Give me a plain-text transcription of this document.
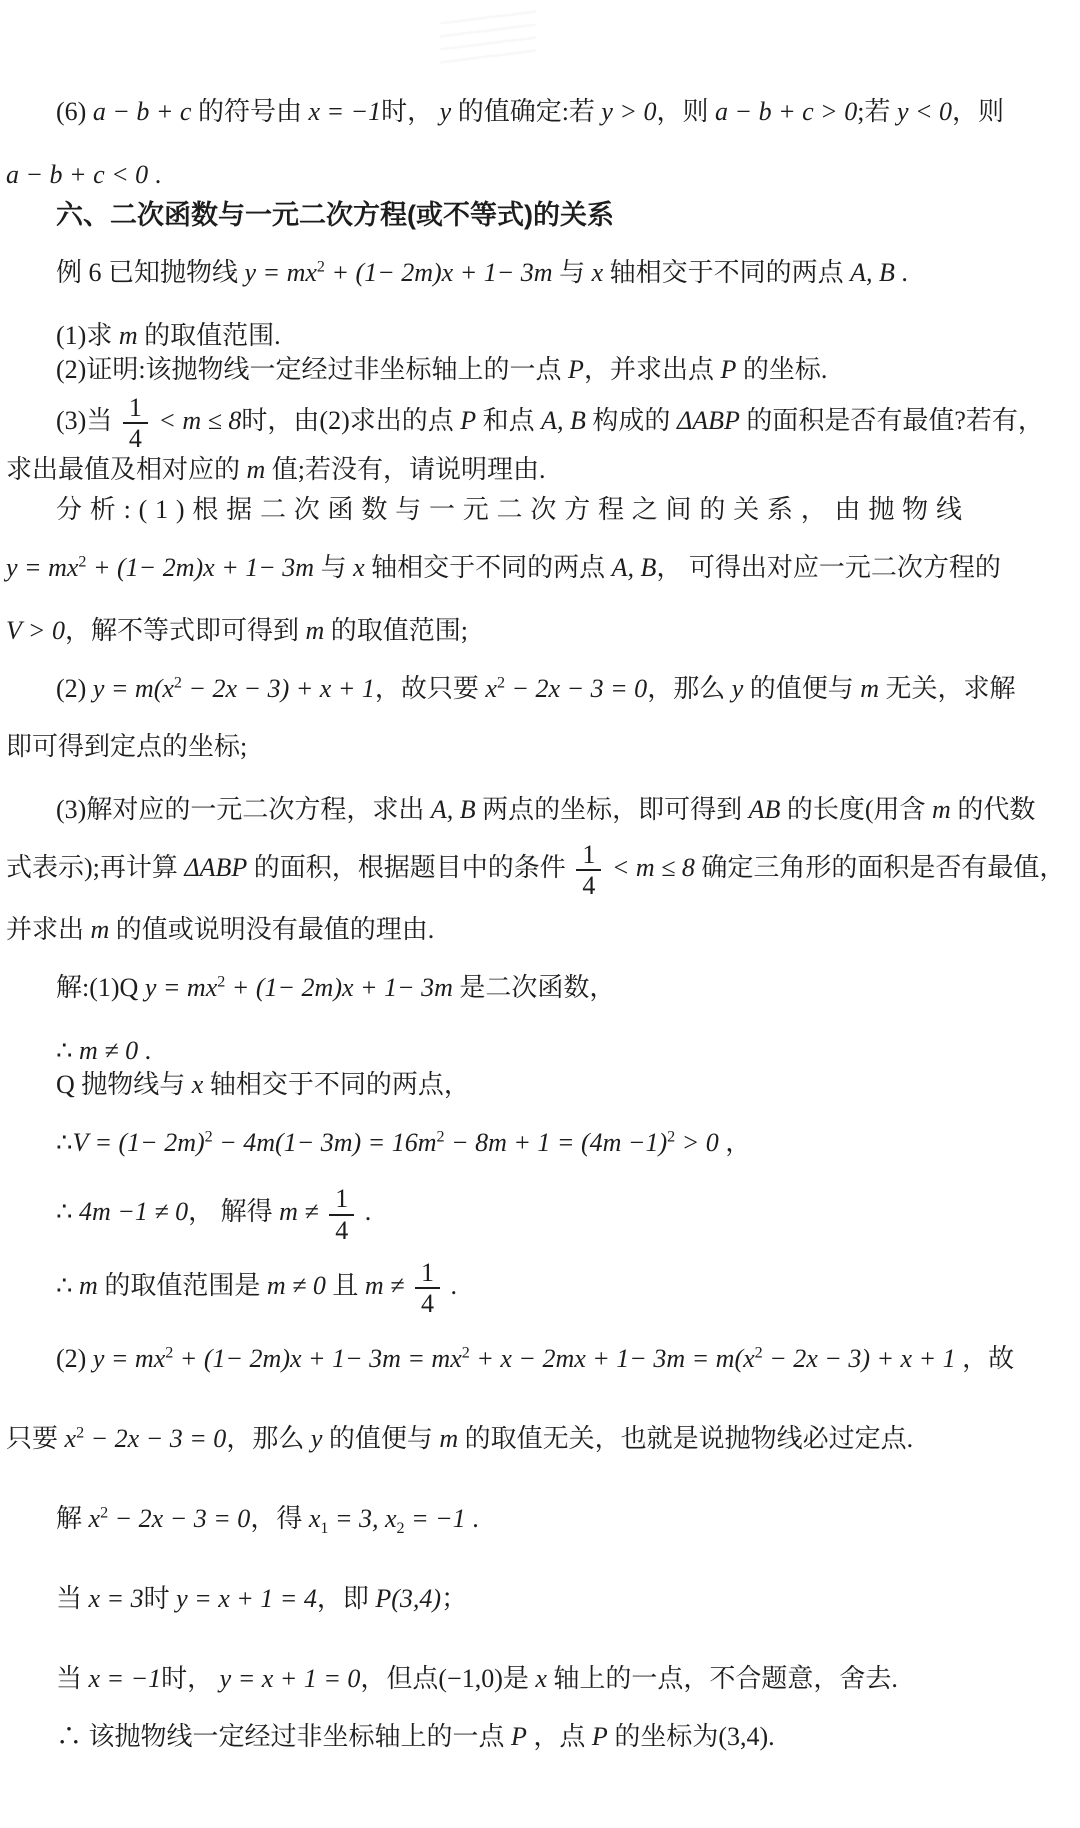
(6) a − b + c 的符号由 x = −1时， y 的值确定:若 y > 0，则 a − b + c > 0;若 y < 0，则
a − b + c < 0 .
六、二次函数与一元二次方程(或不等式)的关系
例 6 已知抛物线 $y = mx^2 + (1- 2m)x + 1- 3m$ 与 x 轴相交于不同的两点 A, B .
(1)求 m 的取值范围.
(2)证明:该抛物线一定经过非坐标轴上的一点 P，并求出点 P 的坐标.
(3)当 $\frac{1}{4} < m \le 8$时，由(2)求出的点 P 和点 A, B 构成的 ΔABP 的面积是否有最值?若有，
求出最值及相对应的 m 值;若没有，请说明理由.
分析:(1)根据二次函数与一元二次方程之间的关系，由抛物线
$y = mx^2 + (1- 2m)x + 1- 3m$ 与 x 轴相交于不同的两点 A, B， 可得出对应一元二次方程的
V > 0，解不等式即可得到 m 的取值范围;
(2) $y = m(x^2 - 2x - 3) + x + 1$，故只要 $x^2 - 2x - 3 = 0$，那么 y 的值便与 m 无关，求解
即可得到定点的坐标;
(3)解对应的一元二次方程，求出 A, B 两点的坐标，即可得到 AB 的长度(用含 m 的代数
式表示);再计算 ΔABP 的面积，根据题目中的条件 $\frac{1}{4} < m \le 8$ 确定三角形的面积是否有最值，
并求出 m 的值或说明没有最值的理由.
解:(1)Q $y = mx^2 + (1- 2m)x + 1- 3m$ 是二次函数，
∴ m ≠ 0 .
Q 抛物线与 x 轴相交于不同的两点，
∴V = $(1- 2m)^2 - 4m(1- 3m) = 16m^2 - 8m + 1 = (4m -1)^2 > 0$ ，
∴ 4m −1 ≠ 0， 解得 $m \ne \frac{1}{4}$ .
∴ m 的取值范围是 m ≠ 0 且 $m \ne \frac{1}{4}$ .
(2) $y = mx^2 + (1- 2m)x + 1- 3m = mx^2 + x - 2mx + 1- 3m = m(x^2 - 2x - 3) + x + 1$ ，故
只要 $x^2 - 2x - 3 = 0$，那么 y 的值便与 m 的取值无关，也就是说抛物线必过定点.
解 $x^2 - 2x - 3 = 0$，得 $x_1 = 3$, $x_2 = -1$ .
当 x = 3时 y = x + 1 = 4，即 P(3,4)；
当 x = −1时， y = x + 1 = 0，但点(−1,0)是 x 轴上的一点，不合题意，舍去.
∴ 该抛物线一定经过非坐标轴上的一点 P ，点 P 的坐标为(3,4).
